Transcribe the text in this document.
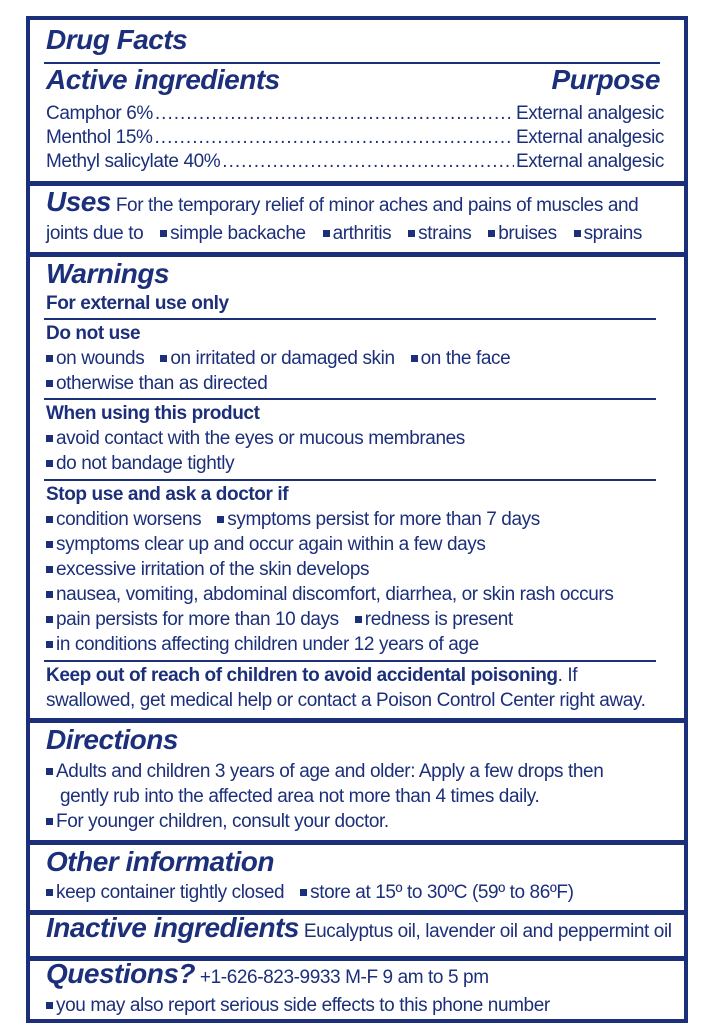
Drug Facts
Active ingredients	Purpose
Camphor 6% .....	External analgesic
Menthol 15% .....	External analgesic
Methyl salicylate 40% .....	External analgesic
Uses For the temporary relief of minor aches and pains of muscles and
joints due to simple backache arthritis strains bruises sprains
Warnings
For external use only
Do not use
on wounds on irritated or damaged skin on the face
otherwise than as directed
When using this product
avoid contact with the eyes or mucous membranes
do not bandage tightly
Stop use and ask a doctor if
condition worsens symptoms persist for more than 7 days
symptoms clear up and occur again within a few days
excessive irritation of the skin develops
nausea, vomiting, abdominal discomfort, diarrhea, or skin rash occurs
pain persists for more than 10 days redness is present
in conditions affecting children under 12 years of age
Keep out of reach of children to avoid accidental poisoning. If
swallowed, get medical help or contact a Poison Control Center right away.
Directions
Adults and children 3 years of age and older: Apply a few drops then
gently rub into the affected area not more than 4 times daily.
For younger children, consult your doctor.
Other information
keep container tightly closed store at 15º to 30ºC (59º to 86ºF)
Inactive ingredients Eucalyptus oil, lavender oil and peppermint oil
Questions? +1-626-823-9933 M-F 9 am to 5 pm
you may also report serious side effects to this phone number
